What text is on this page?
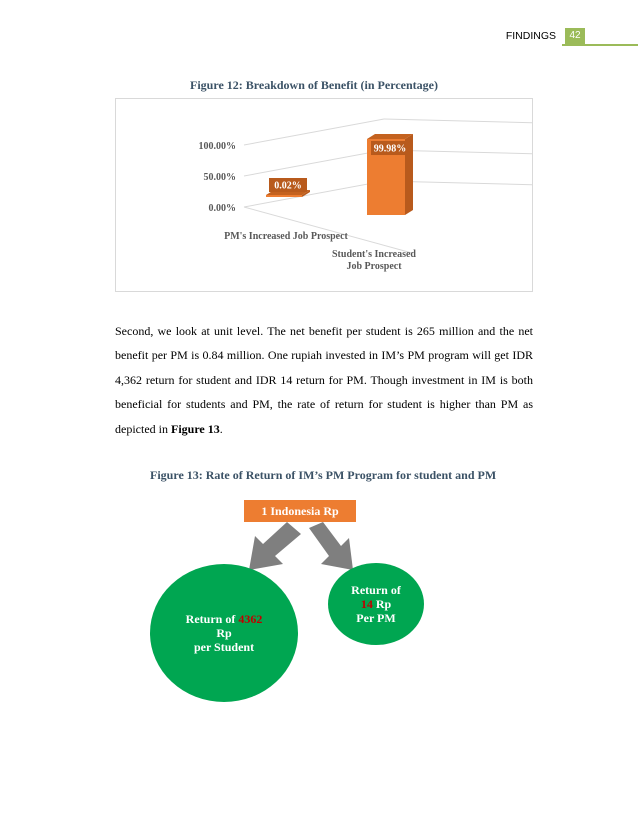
FINDINGS	42
Figure 12: Breakdown of Benefit (in Percentage)
100.00%
50.00%
0.00%
0.02%
99.98%
PM's Increased Job Prospect
Student's Increased
Job Prospect

Second, we look at unit level. The net benefit per student is 265 million and the net benefit per PM is 0.84 million. One rupiah invested in IM’s PM program will get IDR 4,362 return for student and IDR 14 return for PM. Though investment in IM is both beneficial for students and PM, the rate of return for student is higher than PM as depicted in Figure 13.

Figure 13: Rate of Return of IM’s PM Program for student and PM
1 Indonesia Rp
Return of 4362
Rp
per Student
Return of
14 Rp
Per PM
